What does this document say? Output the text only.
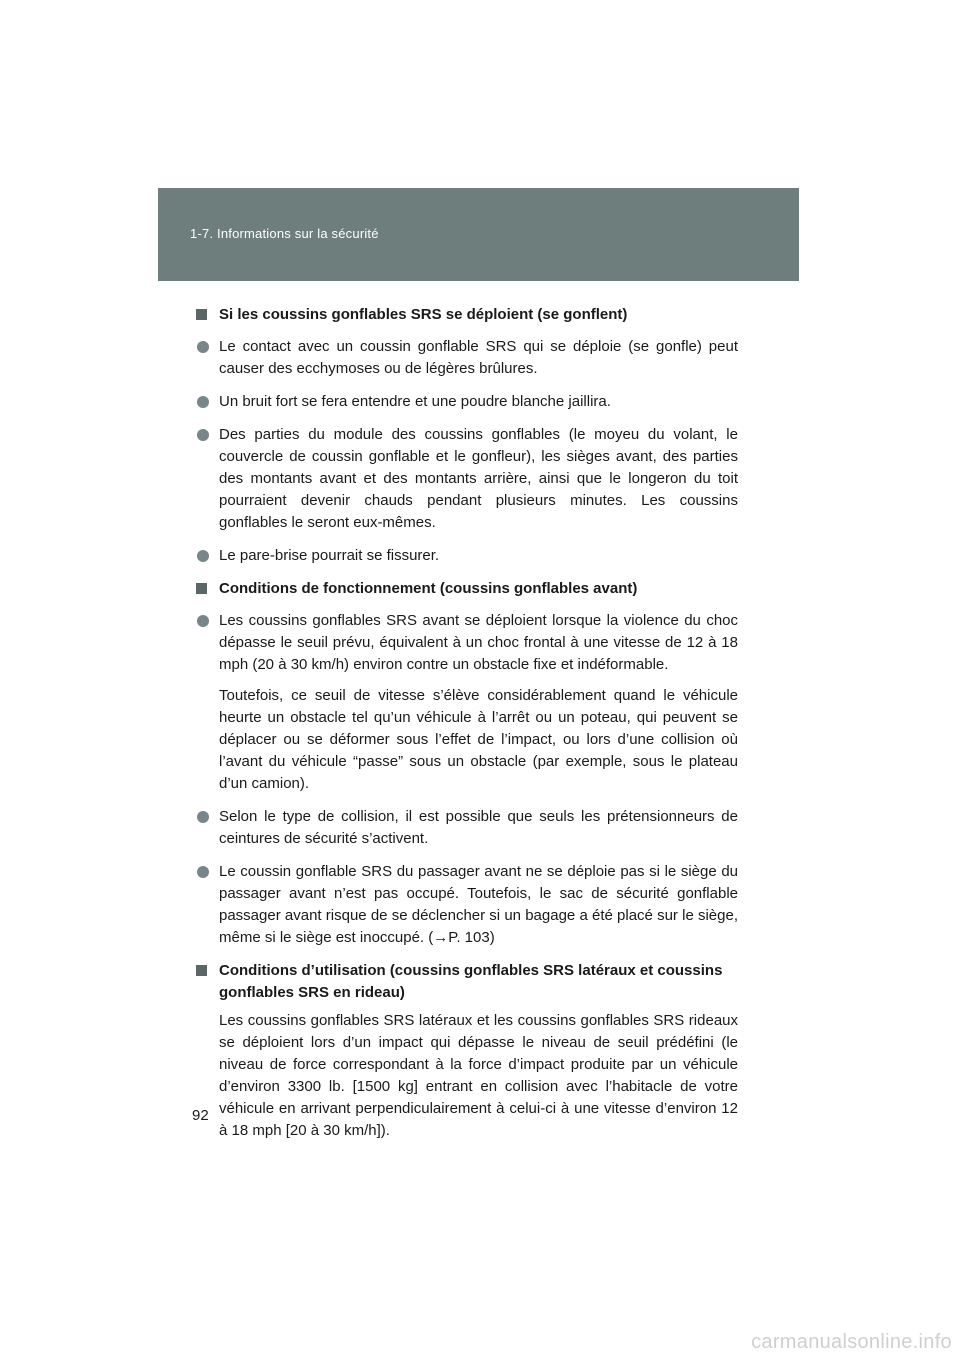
1-7. Informations sur la sécurité
Si les coussins gonflables SRS se déploient (se gonflent)
Le contact avec un coussin gonflable SRS qui se déploie (se gonfle) peut causer des ecchymoses ou de légères brûlures.
Un bruit fort se fera entendre et une poudre blanche jaillira.
Des parties du module des coussins gonflables (le moyeu du volant, le couvercle de coussin gonflable et le gonfleur), les sièges avant, des parties des montants avant et des montants arrière, ainsi que le longeron du toit pourraient devenir chauds pendant plusieurs minutes. Les coussins gonflables le seront eux-mêmes.
Le pare-brise pourrait se fissurer.
Conditions de fonctionnement (coussins gonflables avant)
Les coussins gonflables SRS avant se déploient lorsque la violence du choc dépasse le seuil prévu, équivalent à un choc frontal à une vitesse de 12 à 18 mph (20 à 30 km/h) environ contre un obstacle fixe et indéformable.
Toutefois, ce seuil de vitesse s’élève considérablement quand le véhicule heurte un obstacle tel qu’un véhicule à l’arrêt ou un poteau, qui peuvent se déplacer ou se déformer sous l’effet de l’impact, ou lors d’une collision où l’avant du véhicule “passe” sous un obstacle (par exemple, sous le plateau d’un camion).
Selon le type de collision, il est possible que seuls les prétensionneurs de ceintures de sécurité s’activent.
Le coussin gonflable SRS du passager avant ne se déploie pas si le siège du passager avant n’est pas occupé. Toutefois, le sac de sécurité gonflable passager avant risque de se déclencher si un bagage a été placé sur le siège, même si le siège est inoccupé. (→P. 103)
Conditions d’utilisation (coussins gonflables SRS latéraux et coussins gonflables SRS en rideau)
Les coussins gonflables SRS latéraux et les coussins gonflables SRS rideaux se déploient lors d’un impact qui dépasse le niveau de seuil prédéfini (le niveau de force correspondant à la force d’impact produite par un véhicule d’environ 3300 lb. [1500 kg] entrant en collision avec l’habitacle de votre véhicule en arrivant perpendiculairement à celui-ci à une vitesse d’environ 12 à 18 mph [20 à 30 km/h]).
92
carmanualsonline.info
